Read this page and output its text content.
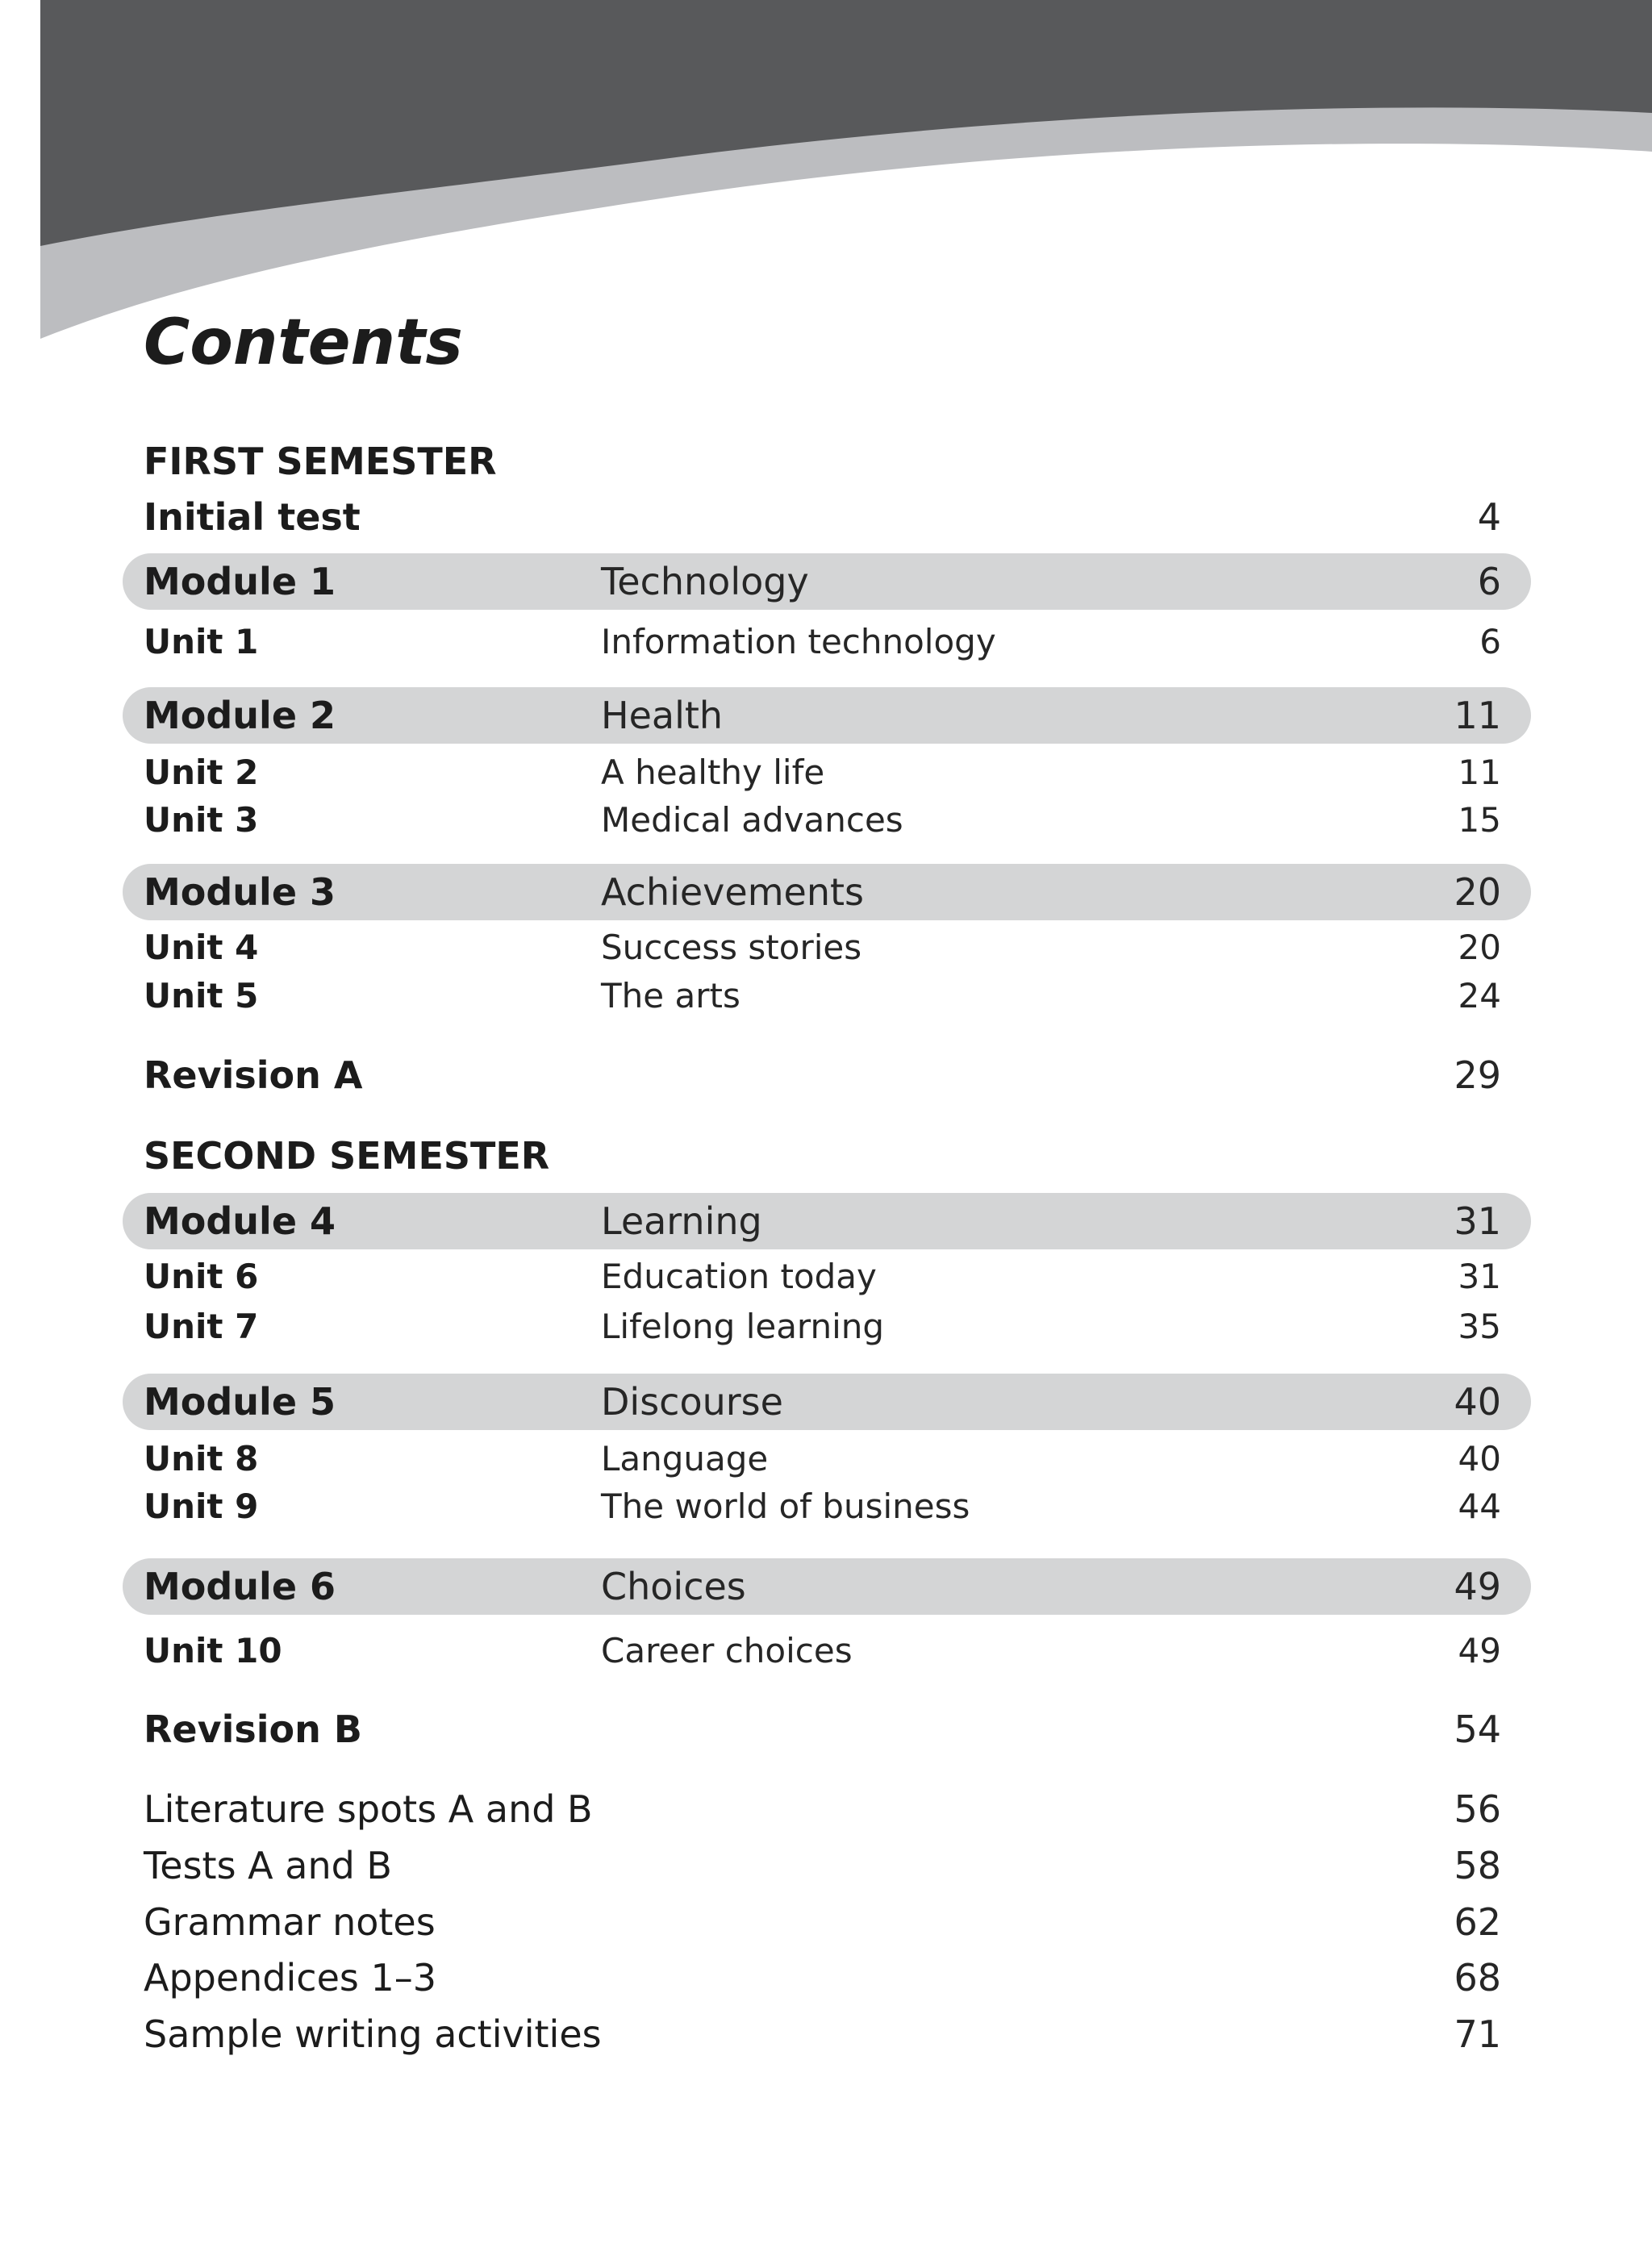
Contents
FIRST SEMESTER
Initial test	4
Module 1	Technology	6
Unit 1	Information technology	6
Module 2	Health	11
Unit 2	A healthy life	11
Unit 3	Medical advances	15
Module 3	Achievements	20
Unit 4	Success stories	20
Unit 5	The arts	24
Revision A	29
SECOND SEMESTER
Module 4	Learning	31
Unit 6	Education today	31
Unit 7	Lifelong learning	35
Module 5	Discourse	40
Unit 8	Language	40
Unit 9	The world of business	44
Module 6	Choices	49
Unit 10	Career choices	49
Revision B	54
Literature spots A and B	56
Tests A and B	58
Grammar notes	62
Appendices 1–3	68
Sample writing activities	71
